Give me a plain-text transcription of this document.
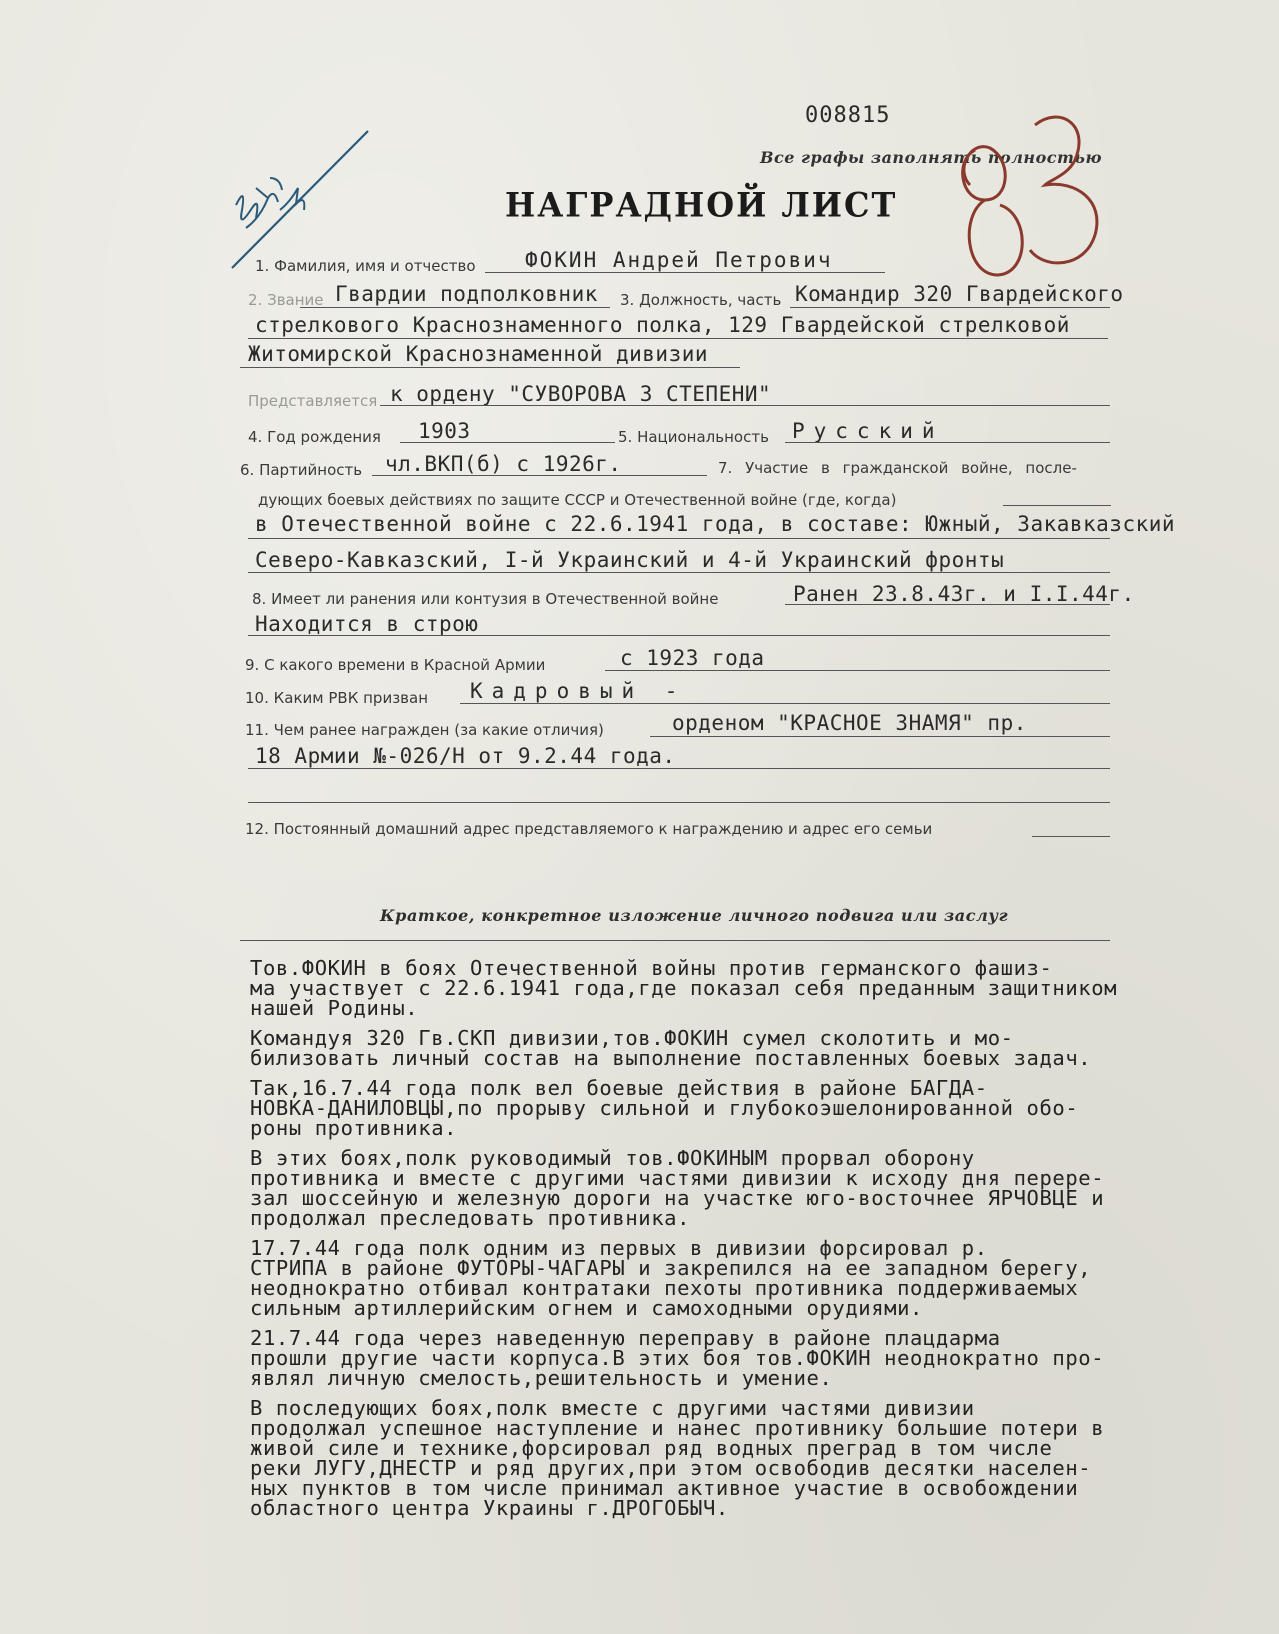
008815
Все графы заполнять полностью
НАГРАДНОЙ ЛИСТ
1. Фамилия, имя и отчество ФОКИН Андрей Петрович
2. Звание Гвардии подполковник 3. Должность, часть Командир 320 Гвардейского
стрелкового Краснознаменного полка, 129 Гвардейской стрелковой
Житомирской Краснознаменной дивизии
Представляется к ордену "СУВОРОВА 3 СТЕПЕНИ"
4. Год рождения 1903	5. Национальность Русский
6. Партийность чл.ВКП(б) с 1926г.	7. Участие в гражданской войне, после-
дующих боевых действиях по защите СССР и Отечественной войне (где, когда)
в Отечественной войне с 22.6.1941 года, в составе: Южный, Закавказский
Северо-Кавказский, I-й Украинский и 4-й Украинский фронты
8. Имеет ли ранения или контузия в Отечественной войне	Ранен 23.8.43г. и I.I.44г.
Находится в строю
9. С какого времени в Красной Армии	с 1923 года
10. Каким РВК призван Кадровый -
11. Чем ранее награжден (за какие отличия)	орденом "КРАСНОЕ ЗНАМЯ" пр.
18 Армии №-026/Н от 9.2.44 года.
12. Постоянный домашний адрес представляемого к награждению и адрес его семьи
Краткое, конкретное изложение личного подвига или заслуг
Тов.ФОКИН в боях Отечественной войны против германского фашиз-
ма участвует с 22.6.1941 года,где показал себя преданным защитником
нашей Родины.
Командуя 320 Гв.СКП дивизии,тов.ФОКИН сумел сколотить и мо-
билизовать личный состав на выполнение поставленных боевых задач.
Так,16.7.44 года полк вел боевые действия в районе БАГДА-
НОВКА-ДАНИЛОВЦЫ,по прорыву сильной и глубокоэшелонированной обо-
роны противника.
В этих боях,полк руководимый тов.ФОКИНЫМ прорвал оборону
противника и вместе с другими частями дивизии к исходу дня перере-
зал шоссейную и железную дороги на участке юго-восточнее ЯРЧОВЦЕ и
продолжал преследовать противника.
17.7.44 года полк одним из первых в дивизии форсировал р.
СТРИПА в районе ФУТОРЫ-ЧАГАРЫ и закрепился на ее западном берегу,
неоднократно отбивал контратаки пехоты противника поддерживаемых
сильным артиллерийским огнем и самоходными орудиями.
21.7.44 года через наведенную переправу в районе плацдарма
прошли другие части корпуса.В этих боя тов.ФОКИН неоднократно про-
являл личную смелость,решительность и умение.
В последующих боях,полк вместе с другими частями дивизии
продолжал успешное наступление и нанес противнику большие потери в
живой силе и технике,форсировал ряд водных преград в том числе
реки ЛУГУ,ДНЕСТР и ряд других,при этом освободив десятки населен-
ных пунктов в том числе принимал активное участие в освобождении
областного центра Украины г.ДРОГОБЫЧ.
